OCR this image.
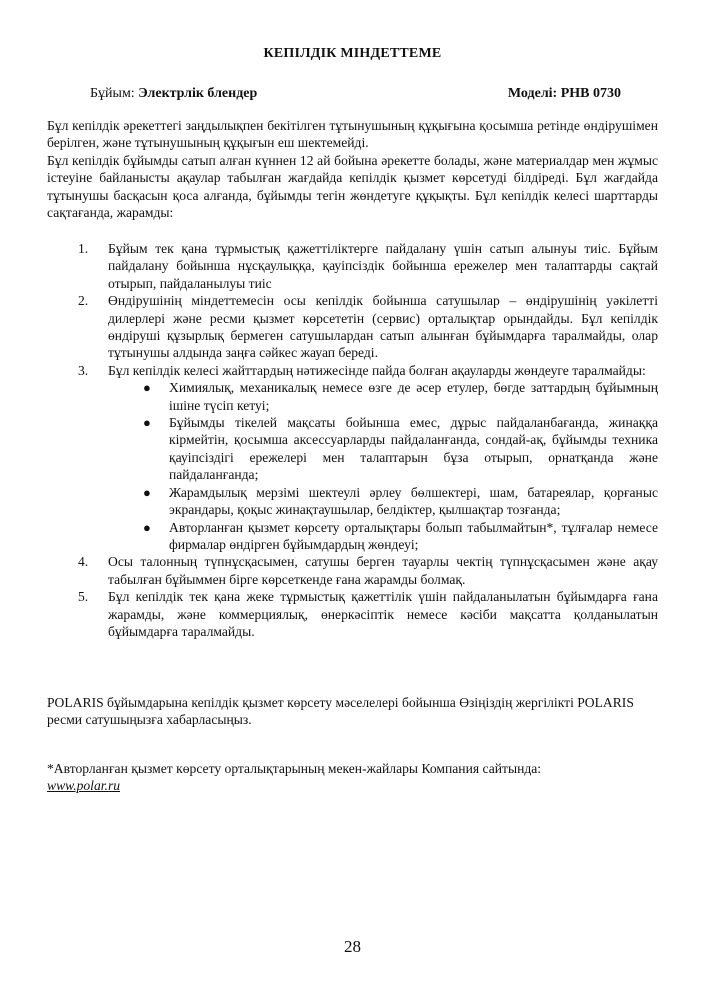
КЕПІЛДІК МІНДЕТТЕМЕ
Бұйым: Электрлік блендер	Моделі: PHB 0730

Бұл кепілдік әрекеттегі заңдылықпен бекітілген тұтынушының құқығына қосымша ретінде өндірушімен берілген, және тұтынушының құқығын еш шектемейді.

Бұл кепілдік бұйымды сатып алған күннен 12 ай бойына әрекетте болады, және материалдар мен жұмыс істеуіне байланысты ақаулар табылған жағдайда кепілдік қызмет көрсетуді білдіреді. Бұл жағдайда тұтынушы басқасын қоса алғанда, бұйымды тегін жөндетуге құқықты. Бұл кепілдік келесі шарттарды сақтағанда, жарамды:

1. Бұйым тек қана тұрмыстық қажеттіліктерге пайдалану үшін сатып алынуы тиіс. Бұйым пайдалану бойынша нұсқаулыққа, қауіпсіздік бойынша ережелер мен талаптарды сақтай отырып, пайдаланылуы тиіс
2. Өндірушінің міндеттемесін осы кепілдік бойынша сатушылар – өндірушінің уәкілетті дилерлері және ресми қызмет көрсететін (сервис) орталықтар орындайды. Бұл кепілдік өндіруші құзырлық бермеген сатушылардан сатып алынған бұйымдарға таралмайды, олар тұтынушы алдында заңға сәйкес жауап береді.
3. Бұл кепілдік келесі жайттардың нәтижесінде пайда болған ақауларды жөндеуге таралмайды:
● Химиялық, механикалық немесе өзге де әсер етулер, бөгде заттардың бұйымның ішіне түсіп кетуі;
● Бұйымды тікелей мақсаты бойынша емес, дұрыс пайдаланбағанда, жинаққа кірмейтін, қосымша аксессуарларды пайдаланғанда, сондай-ақ, бұйымды техника қауіпсіздігі ережелері мен талаптарын бұза отырып, орнатқанда және пайдаланғанда;
● Жарамдылық мерзімі шектеулі әрлеу бөлшектері, шам, батареялар, қорғаныс экрандары, қоқыс жинақтаушылар, белдіктер, қылшақтар тозғанда;
● Авторланған қызмет көрсету орталықтары болып табылмайтын*, тұлғалар немесе фирмалар өндірген бұйымдардың жөндеуі;
4. Осы талонның түпнұсқасымен, сатушы берген тауарлы чектің түпнұсқасымен және ақау табылған бұйыммен бірге көрсеткенде ғана жарамды болмақ.
5. Бұл кепілдік тек қана жеке тұрмыстық қажеттілік үшін пайдаланылатын бұйымдарға ғана жарамды, және коммерциялық, өнеркәсіптік немесе кәсіби мақсатта қолданылатын бұйымдарға таралмайды.

POLARIS бұйымдарына кепілдік қызмет көрсету мәселелері бойынша Өзіңіздің жергілікті POLARIS ресми сатушыңызға хабарласыңыз.

*Авторланған қызмет көрсету орталықтарының мекен-жайлары Компания сайтында:
www.polar.ru

28
